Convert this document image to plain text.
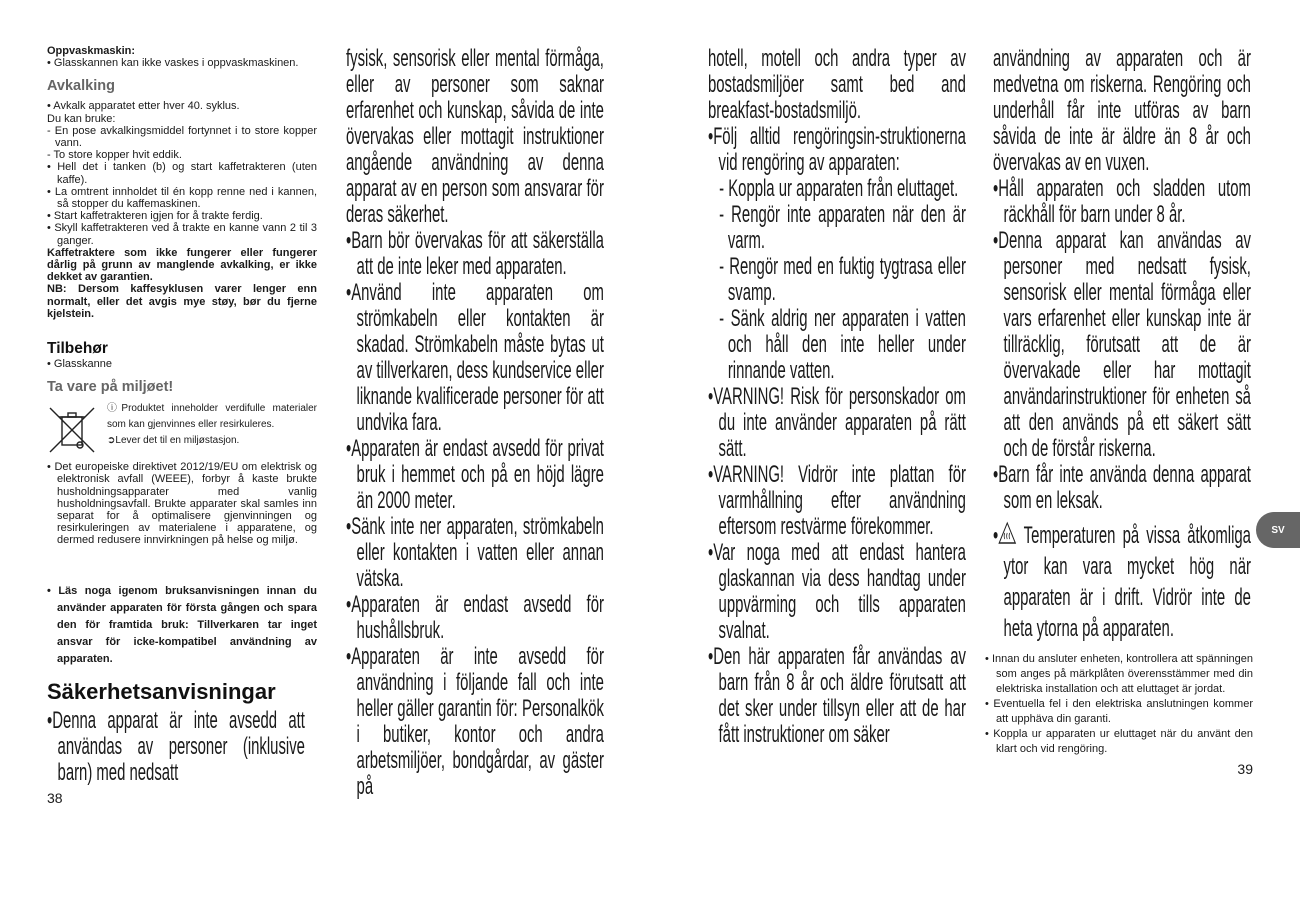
Oppvaskmaskin:

• Glasskannen kan ikke vaskes i oppvaskmaskinen.

Avkalking

• Avkalk apparatet etter hver 40. syklus.

Du kan bruke:

- En pose avkalkingsmiddel fortynnet i to store kopper vann.

- To store kopper hvit eddik.

• Hell det i tanken (b) og start kaffetrakteren (uten kaffe).

• La omtrent innholdet til én kopp renne ned i kannen, så stopper du kaffemaskinen.

• Start kaffetrakteren igjen for å trakte ferdig.

• Skyll kaffetrakteren ved å trakte en kanne vann 2 til 3 ganger.

Kaffetraktere som ikke fungerer eller fungerer dårlig på grunn av manglende avkalking, er ikke dekket av garantien.

NB: Dersom kaffesyklusen varer lenger enn normalt, eller det avgis mye støy, bør du fjerne kjelstein.

Tilbehør

• Glasskanne

Ta vare på miljøet!
ⓘProduktet inneholder verdifulle materialer som kan gjenvinnes eller resirkuleres.
➲Lever det til en miljøstasjon.

• Det europeiske direktivet 2012/19/EU om elektrisk og elektronisk avfall (WEEE), forbyr å kaste brukte husholdningsapparater med vanlig husholdningsavfall. Brukte apparater skal samles inn separat for å optimalisere gjenvinningen og resirkuleringen av materialene i apparatene, og dermed redusere innvirkningen på helse og miljø.

• Läs noga igenom bruksanvisningen innan du använder apparaten för första gången och spara den för framtida bruk: Tillverkaren tar inget ansvar för icke-kompatibel användning av apparaten.

Säkerhetsanvisningar

•Denna apparat är inte avsedd att användas av personer (inklusive barn) med nedsatt

38

fysisk, sensorisk eller mental förmåga, eller av personer som saknar erfarenhet och kunskap, såvida de inte övervakas eller mottagit instruktioner angående användning av denna apparat av en person som ansvarar för deras säkerhet.

•Barn bör övervakas för att säkerställa att de inte leker med apparaten.

•Använd inte apparaten om strömkabeln eller kontakten är skadad. Strömkabeln måste bytas ut av tillverkaren, dess kundservice eller liknande kvalificerade personer för att undvika fara.

•Apparaten är endast avsedd för privat bruk i hemmet och på en höjd lägre än 2000 meter.

•Sänk inte ner apparaten, strömkabeln eller kontakten i vatten eller annan vätska.

•Apparaten är endast avsedd för hushållsbruk.

•Apparaten är inte avsedd för användning i följande fall och inte heller gäller garantin för: Personalkök i butiker, kontor och andra arbetsmiljöer, bondgårdar, av gäster på

hotell, motell och andra typer av bostadsmiljöer samt bed and breakfast-bostadsmiljö.

•Följ alltid rengöringsin-struktionerna vid rengöring av apparaten:

- Koppla ur apparaten från eluttaget.

- Rengör inte apparaten när den är varm.

- Rengör med en fuktig tygtrasa eller svamp.

- Sänk aldrig ner apparaten i vatten och håll den inte heller under rinnande vatten.

•VARNING! Risk för personskador om du inte använder apparaten på rätt sätt.

•VARNING! Vidrör inte plattan för varmhållning efter användning eftersom restvärme förekommer.

•Var noga med att endast hantera glaskannan via dess handtag under uppvärming och tills apparaten svalnat.

•Den här apparaten får användas av barn från 8 år och äldre förutsatt att det sker under tillsyn eller att de har fått instruktioner om säker

användning av apparaten och är medvetna om riskerna. Rengöring och underhåll får inte utföras av barn såvida de inte är äldre än 8 år och övervakas av en vuxen.

•Håll apparaten och sladden utom räckhåll för barn under 8 år.

•Denna apparat kan användas av personer med nedsatt fysisk, sensorisk eller mental förmåga eller vars erfarenhet eller kunskap inte är tillräcklig, förutsatt att de är övervakade eller har mottagit användarinstruktioner för enheten så att den används på ett säkert sätt och de förstår riskerna.

•Barn får inte använda denna apparat som en leksak.

• Temperaturen på vissa åtkomliga ytor kan vara mycket hög när apparaten är i drift. Vidrör inte de heta ytorna på apparaten.

• Innan du ansluter enheten, kontrollera att spänningen som anges på märkplåten överensstämmer med din elektriska installation och att eluttaget är jordat.

• Eventuella fel i den elektriska anslutningen kommer att upphäva din garanti.

• Koppla ur apparaten ur eluttaget när du använt den klart och vid rengöring.

39
SV
